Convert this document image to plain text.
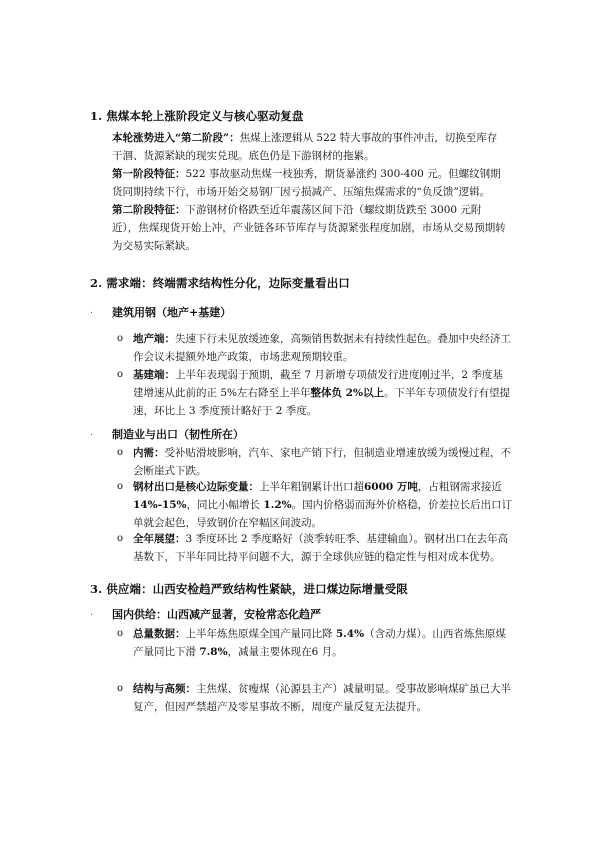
1. 焦煤本轮上涨阶段定义与核心驱动复盘

本轮涨势进入“第二阶段”：焦煤上涨逻辑从 522 特大事故的事件冲击，切换至库存干涸、货源紧缺的现实兑现。底色仍是下游钢材的拖累。

第一阶段特征：522 事故驱动焦煤一枝独秀，期货暴涨约 300-400 元。但螺纹钢期货同期持续下行，市场开始交易钢厂因亏损减产、压缩焦煤需求的“负反馈”逻辑。

第二阶段特征：下游钢材价格跌至近年震荡区间下沿（螺纹期货跌至 3000 元附近），焦煤现货开始上冲，产业链各环节库存与货源紧张程度加剧，市场从交易预期转为交易实际紧缺。

2. 需求端：终端需求结构性分化，边际变量看出口
. 建筑用钢（地产+基建）
o 地产端：失速下行未见放缓迹象，高频销售数据未有持续性起色。叠加中央经济工作会议未提额外地产政策，市场悲观预期较重。
o 基建端：上半年表现弱于预期，截至 7 月新增专项债发行进度刚过半，2 季度基建增速从此前的正 5%左右降至上半年整体负 2%以上。下半年专项债发行有望提速，环比上 3 季度预计略好于 2 季度。
. 制造业与出口（韧性所在）
o 内需：受补贴滑坡影响，汽车、家电产销下行，但制造业增速放缓为缓慢过程，不会断崖式下跌。
o 钢材出口是核心边际变量：上半年粗钢累计出口超6000 万吨，占粗钢需求接近 14%-15%，同比小幅增长 1.2%。国内价格弱而海外价格稳，价差拉长后出口订单就会起色，导致钢价在窄幅区间波动。
o 全年展望：3 季度环比 2 季度略好（淡季转旺季、基建输血）。钢材出口在去年高基数下，下半年同比持平问题不大，源于全球供应链的稳定性与相对成本优势。
3. 供应端：山西安检趋严致结构性紧缺，进口煤边际增量受限
. 国内供给：山西减产显著，安检常态化趋严
o 总量数据：上半年炼焦原煤全国产量同比降 5.4%（含动力煤）。山西省炼焦原煤产量同比下滑 7.8%，减量主要体现在6 月。
o 结构与高频：主焦煤、贫瘦煤（沁源县主产）减量明显。受事故影响煤矿虽已大半复产，但因严禁超产及零星事故不断，周度产量反复无法提升。
